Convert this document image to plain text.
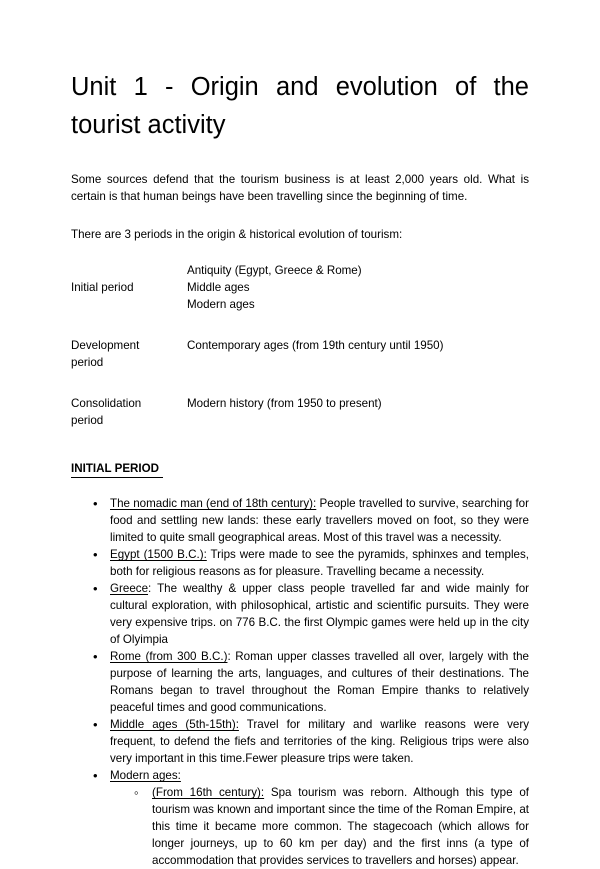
Unit 1 - Origin and evolution of the
tourist activity

Some sources defend that the tourism business is at least 2,000 years old. What is certain is that human beings have been travelling since the beginning of time.

There are 3 periods in the origin & historical evolution of tourism:

Initial period	Antiquity (Egypt, Greece & Rome)
Middle ages
Modern ages

Development
period	Contemporary ages (from 19th century until 1950)

Consolidation
period	Modern history (from 1950 to present)
INITIAL PERIOD
•
The nomadic man (end of 18th century): People travelled to survive, searching for food and settling new lands: these early travellers moved on foot, so they were limited to quite small geographical areas. Most of this travel was a necessity.
•
Egypt (1500 B.C.): Trips were made to see the pyramids, sphinxes and temples, both for religious reasons as for pleasure. Travelling became a necessity.
•
Greece: The wealthy & upper class people travelled far and wide mainly for cultural exploration, with philosophical, artistic and scientific pursuits. They were very expensive trips. on 776 B.C. the first Olympic games were held up in the city of Olyimpia
•
Rome (from 300 B.C.): Roman upper classes travelled all over, largely with the purpose of learning the arts, languages, and cultures of their destinations. The Romans began to travel throughout the Roman Empire thanks to relatively peaceful times and good communications.
•
Middle ages (5th-15th): Travel for military and warlike reasons were very frequent, to defend the fiefs and territories of the king. Religious trips were also very important in this time.Fewer pleasure trips were taken.
•
Modern ages:
◦
(From 16th century): Spa tourism was reborn. Although this type of tourism was known and important since the time of the Roman Empire, at this time it became more common. The stagecoach (which allows for longer journeys, up to 60 km per day) and the first inns (a type of accommodation that provides services to travellers and horses) appear.
